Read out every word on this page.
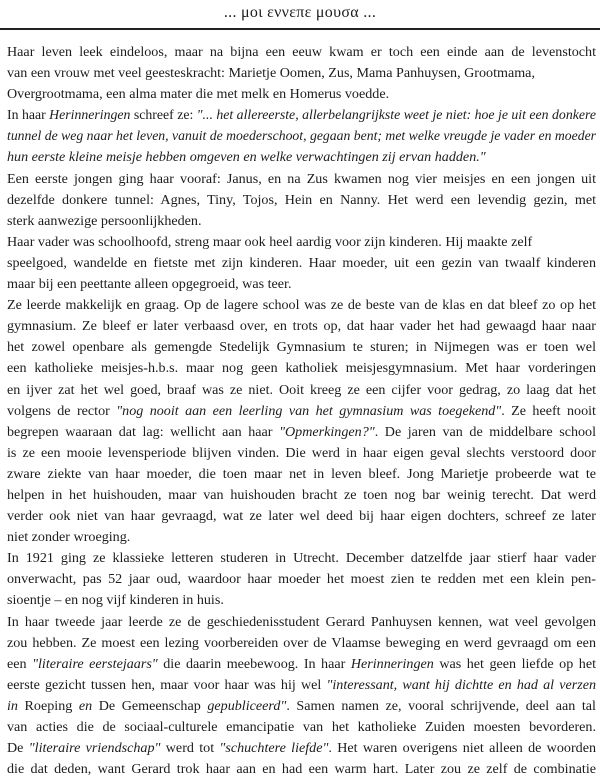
... μοι εννεπε μουσα ...
Haar leven leek eindeloos, maar na bijna een eeuw kwam er toch een einde aan de levenstocht
van een vrouw met veel geesteskracht: Marietje Oomen, Zus, Mama Panhuysen, Grootmama,
Overgrootmama, een alma mater die met melk en Homerus voedde.
In haar Herinneringen schreef ze: "... het allereerste, allerbelangrijkste weet je niet: hoe je uit een donkere
tunnel de weg naar het leven, vanuit de moederschoot, gegaan bent; met welke vreugde je vader en moeder
hun eerste kleine meisje hebben omgeven en welke verwachtingen zij ervan hadden."
Een eerste jongen ging haar vooraf: Janus, en na Zus kwamen nog vier meisjes en een jongen uit
dezelfde donkere tunnel: Agnes, Tiny, Tojos, Hein en Nanny. Het werd een levendig gezin, met
sterk aanwezige persoonlijkheden.
Haar vader was schoolhoofd, streng maar ook heel aardig voor zijn kinderen. Hij maakte zelf
speelgoed, wandelde en fietste met zijn kinderen. Haar moeder, uit een gezin van twaalf kinderen
maar bij een peettante alleen opgegroeid, was teer.
Ze leerde makkelijk en graag. Op de lagere school was ze de beste van de klas en dat bleef zo op het
gymnasium. Ze bleef er later verbaasd over, en trots op, dat haar vader het had gewaagd haar naar
het zowel openbare als gemengde Stedelijk Gymnasium te sturen; in Nijmegen was er toen wel
een katholieke meisjes-h.b.s. maar nog geen katholiek meisjesgymnasium. Met haar vorderingen
en ijver zat het wel goed, braaf was ze niet. Ooit kreeg ze een cijfer voor gedrag, zo laag dat het
volgens de rector "nog nooit aan een leerling van het gymnasium was toegekend". Ze heeft nooit
begrepen waaraan dat lag: wellicht aan haar "Opmerkingen?". De jaren van de middelbare school
is ze een mooie levensperiode blijven vinden. Die werd in haar eigen geval slechts verstoord door
zware ziekte van haar moeder, die toen maar net in leven bleef. Jong Marietje probeerde wat te
helpen in het huishouden, maar van huishouden bracht ze toen nog bar weinig terecht. Dat werd
verder ook niet van haar gevraagd, wat ze later wel deed bij haar eigen dochters, schreef ze later
niet zonder wroeging.
In 1921 ging ze klassieke letteren studeren in Utrecht. December datzelfde jaar stierf haar vader
onverwacht, pas 52 jaar oud, waardoor haar moeder het moest zien te redden met een klein pen-
sioentje – en nog vijf kinderen in huis.
In haar tweede jaar leerde ze de geschiedenisstudent Gerard Panhuysen kennen, wat veel gevolgen
zou hebben. Ze moest een lezing voorbereiden over de Vlaamse beweging en werd gevraagd om een
een "literaire eerstejaars" die daarin meebewoog. In haar Herinneringen was het geen liefde op het
eerste gezicht tussen hen, maar voor haar was hij wel "interessant, want hij dichtte en had al verzen
in Roeping en De Gemeenschap gepubliceerd". Samen namen ze, vooral schrijvende, deel aan tal
van acties die de sociaal-culturele emancipatie van het katholieke Zuiden moesten bevorderen.
De "literaire vriendschap" werd tot "schuchtere liefde". Het waren overigens niet alleen de woorden
die dat deden, want Gerard trok haar aan en had een warm hart. Later zou ze zelf de combinatie
